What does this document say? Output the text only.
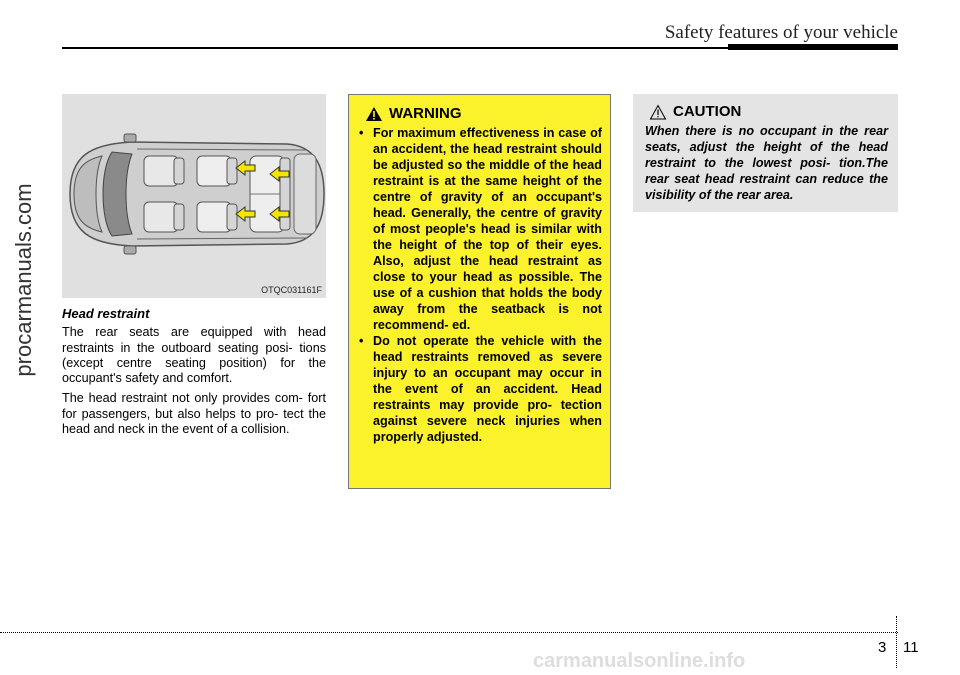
Safety features of your vehicle
procarmanuals.com	OTQC031161F
Head restraint

The rear seats are equipped with head restraints in the outboard seating posi- tions (except centre seating position) for the occupant's safety and comfort.

The head restraint not only provides com- fort for passengers, but also helps to pro- tect the head and neck in the event of a collision.

WARNING
• For maximum effectiveness in case of an accident, the head restraint should be adjusted so the middle of the head restraint is at the same height of the centre of gravity of an occupant's head. Generally, the centre of gravity of most people's head is similar with the height of the top of their eyes. Also, adjust the head restraint as close to your head as possible. The use of a cushion that holds the body away from the seatback is not recommend- ed.
• Do not operate the vehicle with the head restraints removed as severe injury to an occupant may occur in the event of an accident. Head restraints may provide pro- tection against severe neck injuries when properly adjusted.
CAUTION
When there is no occupant in the rear seats, adjust the height of the head restraint to the lowest posi- tion.The rear seat head restraint can reduce the visibility of the rear area.
3 11
carmanualsonline.info
